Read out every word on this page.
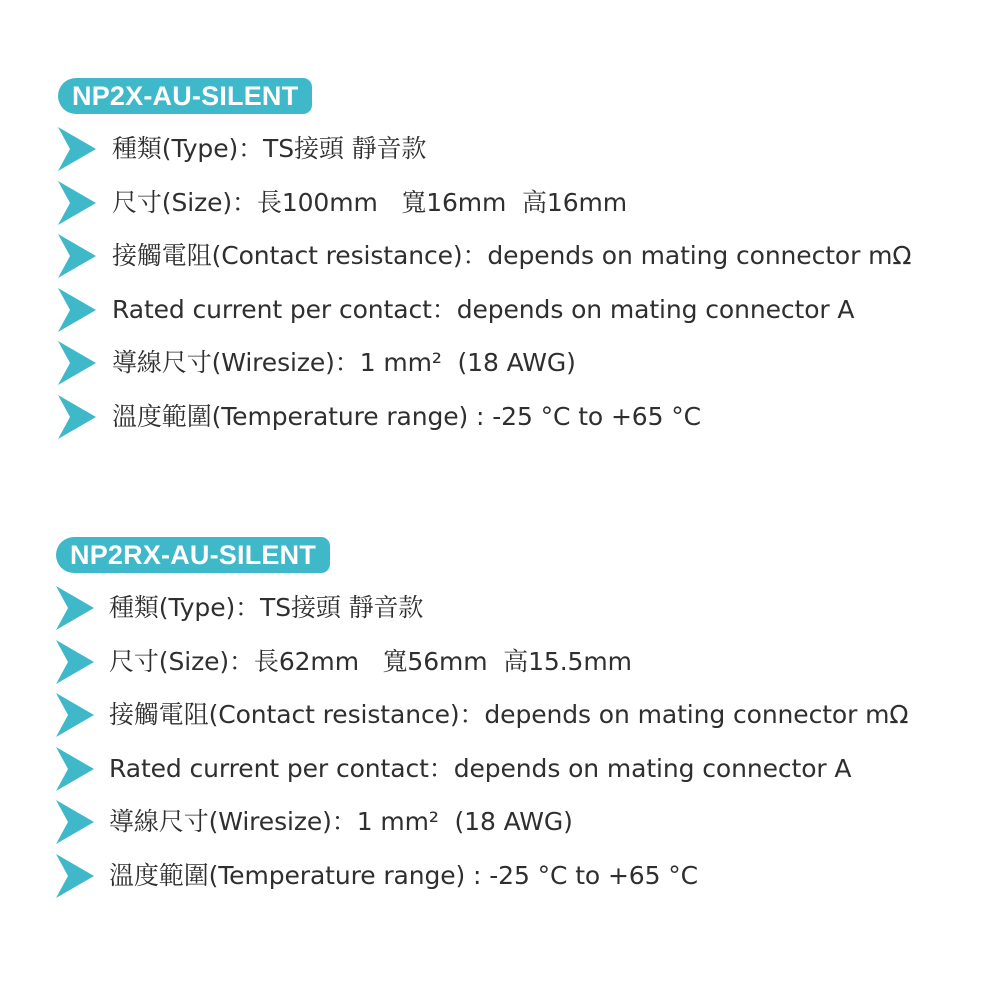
NP2X-AU-SILENT
種類(Type)：TS接頭 靜音款
尺寸(Size)：長100mm   寬16mm  高16mm
接觸電阻(Contact resistance)：depends on mating connector mΩ
Rated current per contact：depends on mating connector A
導線尺寸(Wiresize)：1 mm²  (18 AWG)
溫度範圍(Temperature range) : -25 °C to +65 °C
NP2RX-AU-SILENT
種類(Type)：TS接頭 靜音款
尺寸(Size)：長62mm   寬56mm  高15.5mm
接觸電阻(Contact resistance)：depends on mating connector mΩ
Rated current per contact：depends on mating connector A
導線尺寸(Wiresize)：1 mm²  (18 AWG)
溫度範圍(Temperature range) : -25 °C to +65 °C
